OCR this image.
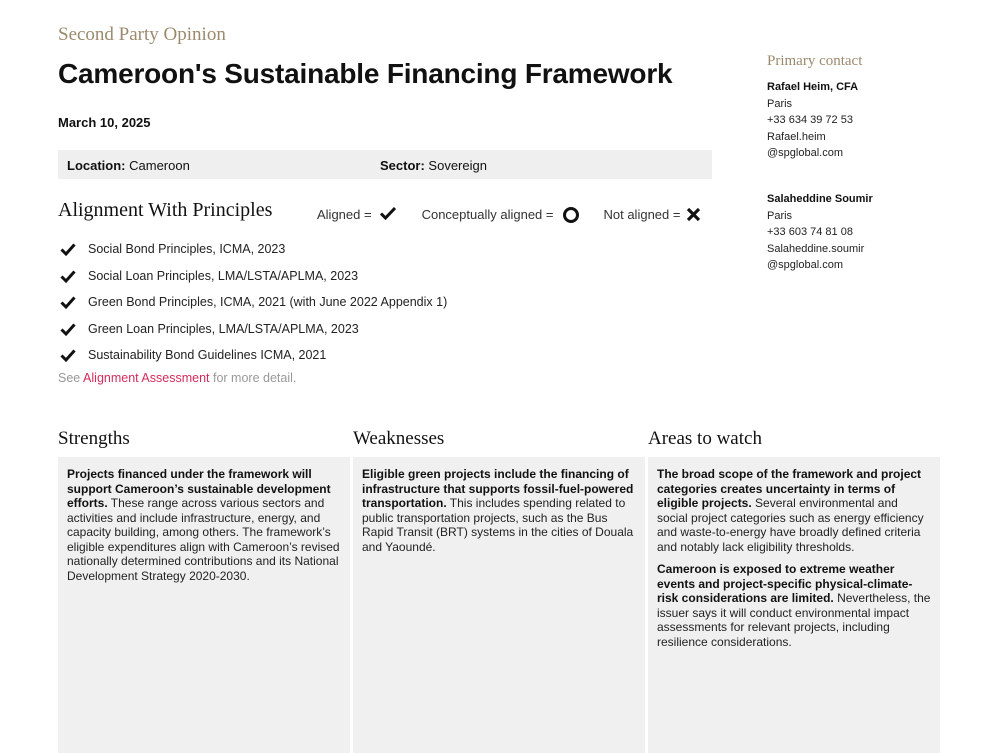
Second Party Opinion
Cameroon's Sustainable Financing Framework
March 10, 2025
Location: Cameroon	Sector: Sovereign
Alignment With Principles	Aligned =	Conceptually aligned =	Not aligned =
Social Bond Principles, ICMA, 2023
Social Loan Principles, LMA/LSTA/APLMA, 2023
Green Bond Principles, ICMA, 2021 (with June 2022 Appendix 1)
Green Loan Principles, LMA/LSTA/APLMA, 2023
Sustainability Bond Guidelines ICMA, 2021
See Alignment Assessment for more detail.
Strengths

Projects financed under the framework will support Cameroon’s sustainable development efforts. These range across various sectors and activities and include infrastructure, energy, and capacity building, among others. The framework’s eligible expenditures align with Cameroon’s revised nationally determined contributions and its National Development Strategy 2020-2030.

Weaknesses

Eligible green projects include the financing of infrastructure that supports fossil-fuel-powered transportation. This includes spending related to public transportation projects, such as the Bus Rapid Transit (BRT) systems in the cities of Douala and Yaoundé.

Areas to watch

The broad scope of the framework and project categories creates uncertainty in terms of eligible projects. Several environmental and social project categories such as energy efficiency and waste-to-energy have broadly defined criteria and notably lack eligibility thresholds.

Cameroon is exposed to extreme weather events and project-specific physical-climate-risk considerations are limited. Nevertheless, the issuer says it will conduct environmental impact assessments for relevant projects, including resilience considerations.

Primary contact
Rafael Heim, CFA
Paris
+33 634 39 72 53
Rafael.heim
@spglobal.com
Salaheddine Soumir
Paris
+33 603 74 81 08
Salaheddine.soumir
@spglobal.com
